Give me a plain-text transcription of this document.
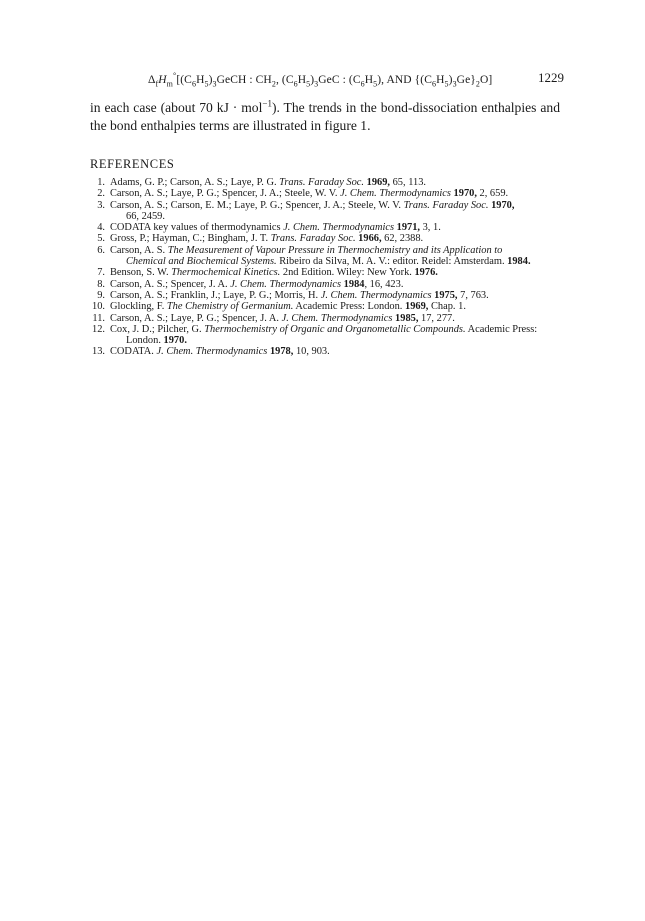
$\Delta_fH_m^\circ[(C_6H_5)_3GeCH$ : $CH_2$, $(C_6H_5)_3GeC$ : $(C_6H_5)$, AND $\{(C_6H_5)_3Ge\}_2O$]	1229

in each case (about 70 kJ · mol$^{-1}$). The trends in the bond-dissociation enthalpies and the bond enthalpies terms are illustrated in figure 1.

REFERENCES
1. Adams, G. P.; Carson, A. S.; Laye, P. G. Trans. Faraday Soc. 1969, 65, 113.
2. Carson, A. S.; Laye, P. G.; Spencer, J. A.; Steele, W. V. J. Chem. Thermodynamics 1970, 2, 659.
3. Carson, A. S.; Carson, E. M.; Laye, P. G.; Spencer, J. A.; Steele, W. V. Trans. Faraday Soc. 1970,
66, 2459.
4. CODATA key values of thermodynamics J. Chem. Thermodynamics 1971, 3, 1.
5. Gross, P.; Hayman, C.; Bingham, J. T. Trans. Faraday Soc. 1966, 62, 2388.
6. Carson, A. S. The Measurement of Vapour Pressure in Thermochemistry and its Application to
Chemical and Biochemical Systems. Ribeiro da Silva, M. A. V.: editor. Reidel: Amsterdam. 1984.
7. Benson, S. W. Thermochemical Kinetics. 2nd Edition. Wiley: New York. 1976.
8. Carson, A. S.; Spencer, J. A. J. Chem. Thermodynamics 1984, 16, 423.
9. Carson, A. S.; Franklin, J.; Laye, P. G.; Morris, H. J. Chem. Thermodynamics 1975, 7, 763.
10. Glockling, F. The Chemistry of Germanium. Academic Press: London. 1969, Chap. 1.
11. Carson, A. S.; Laye, P. G.; Spencer, J. A. J. Chem. Thermodynamics 1985, 17, 277.
12. Cox, J. D.; Pilcher, G. Thermochemistry of Organic and Organometallic Compounds. Academic Press:
London. 1970.
13. CODATA. J. Chem. Thermodynamics 1978, 10, 903.
